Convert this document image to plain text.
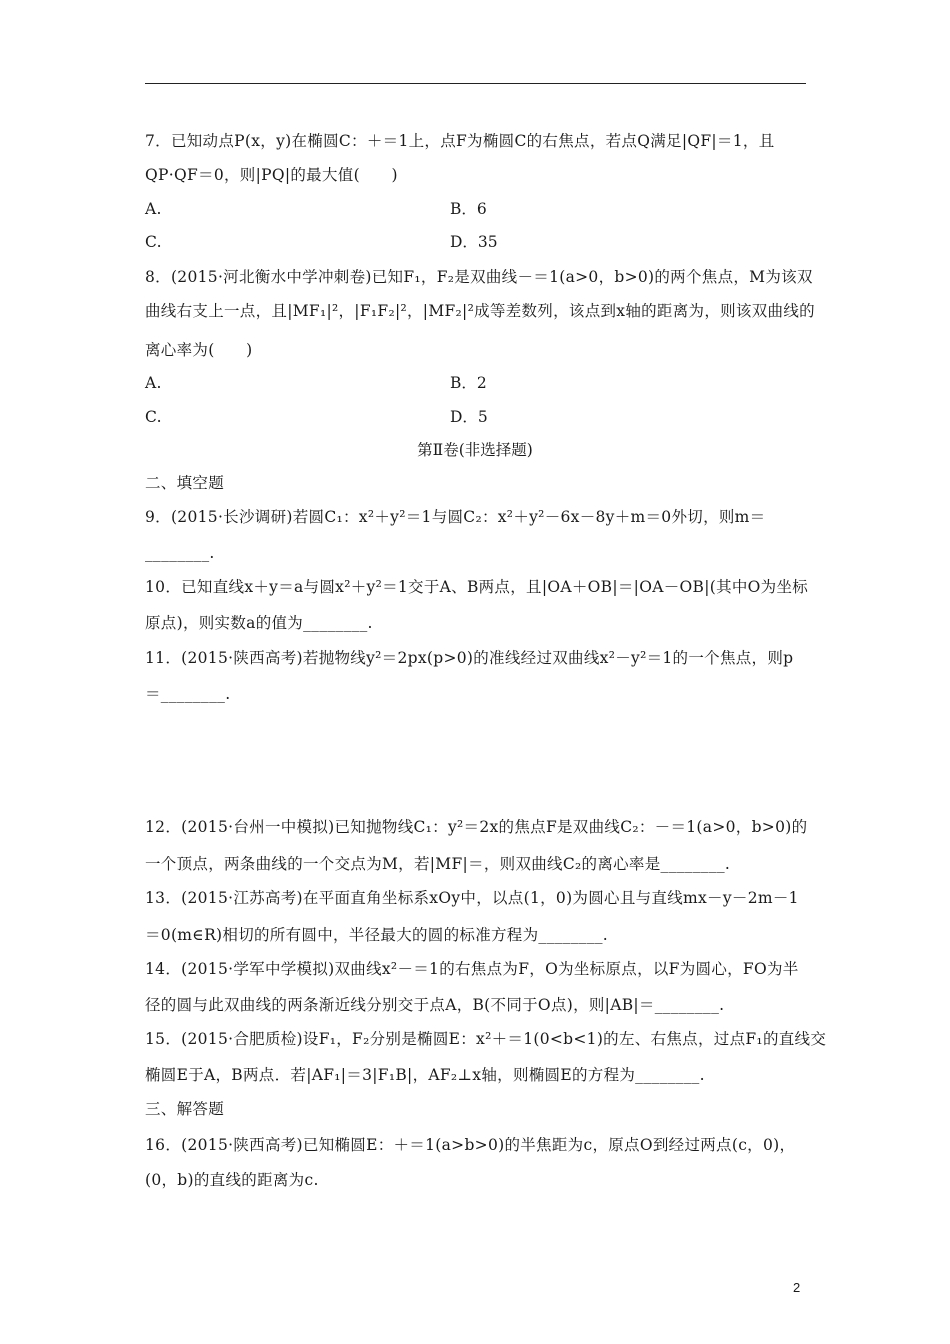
7．已知动点P(x，y)在椭圆C：＋＝1上，点F为椭圆C的右焦点，若点Q满足|QF|＝1，且
QP·QF＝0，则|PQ|的最大值(　　)
A.	B．6
C.	D．35
8．(2015·河北衡水中学冲刺卷)已知F₁，F₂是双曲线－＝1(a>0，b>0)的两个焦点，M为该双
曲线右支上一点，且|MF₁|²，|F₁F₂|²，|MF₂|²成等差数列，该点到x轴的距离为，则该双曲线的
离心率为(　　)
A.	B．2
C.	D．5
第Ⅱ卷(非选择题)
二、填空题
9．(2015·长沙调研)若圆C₁：x²＋y²＝1与圆C₂：x²＋y²－6x－8y＋m＝0外切，则m＝
________.
10．已知直线x＋y＝a与圆x²＋y²＝1交于A、B两点，且|OA＋OB|＝|OA－OB|(其中O为坐标
原点)，则实数a的值为________.
11．(2015·陕西高考)若抛物线y²＝2px(p>0)的准线经过双曲线x²－y²＝1的一个焦点，则p
＝________.
12．(2015·台州一中模拟)已知抛物线C₁：y²＝2x的焦点F是双曲线C₂：－＝1(a>0，b>0)的
一个顶点，两条曲线的一个交点为M，若|MF|＝，则双曲线C₂的离心率是________.
13．(2015·江苏高考)在平面直角坐标系xOy中，以点(1，0)为圆心且与直线mx－y－2m－1
＝0(m∈R)相切的所有圆中，半径最大的圆的标准方程为________.
14．(2015·学军中学模拟)双曲线x²－＝1的右焦点为F，O为坐标原点，以F为圆心，FO为半
径的圆与此双曲线的两条渐近线分别交于点A，B(不同于O点)，则|AB|＝________.
15．(2015·合肥质检)设F₁，F₂分别是椭圆E：x²＋＝1(0<b<1)的左、右焦点，过点F₁的直线交
椭圆E于A，B两点．若|AF₁|＝3|F₁B|，AF₂⊥x轴，则椭圆E的方程为________.
三、解答题
16．(2015·陕西高考)已知椭圆E：＋＝1(a>b>0)的半焦距为c，原点O到经过两点(c，0)，
(0，b)的直线的距离为c.
2
